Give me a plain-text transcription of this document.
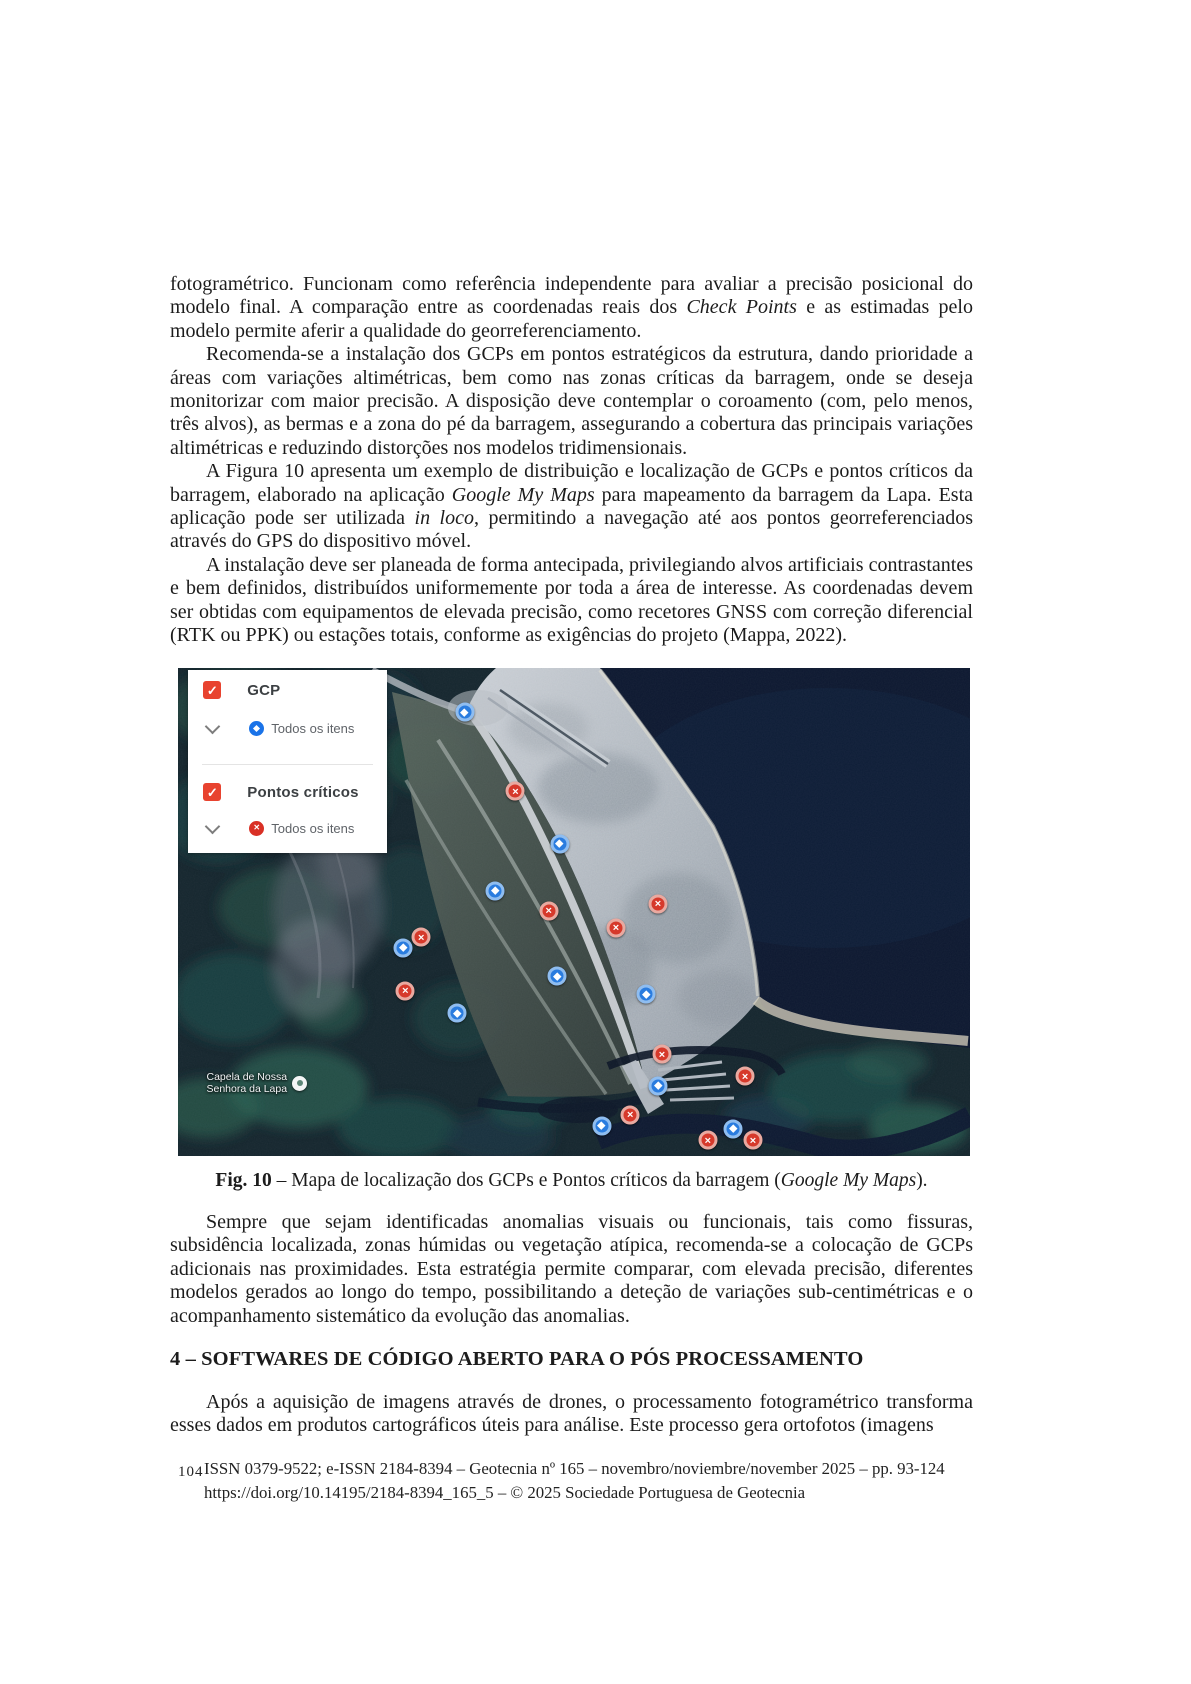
fotogramétrico. Funcionam como referência independente para avaliar a precisão posicional do modelo final. A comparação entre as coordenadas reais dos Check Points e as estimadas pelo modelo permite aferir a qualidade do georreferenciamento.

Recomenda-se a instalação dos GCPs em pontos estratégicos da estrutura, dando prioridade a áreas com variações altimétricas, bem como nas zonas críticas da barragem, onde se deseja monitorizar com maior precisão. A disposição deve contemplar o coroamento (com, pelo menos, três alvos), as bermas e a zona do pé da barragem, assegurando a cobertura das principais variações altimétricas e reduzindo distorções nos modelos tridimensionais.

A Figura 10 apresenta um exemplo de distribuição e localização de GCPs e pontos críticos da barragem, elaborado na aplicação Google My Maps para mapeamento da barragem da Lapa. Esta aplicação pode ser utilizada in loco, permitindo a navegação até aos pontos georreferenciados através do GPS do dispositivo móvel.

A instalação deve ser planeada de forma antecipada, privilegiando alvos artificiais contrastantes e bem definidos, distribuídos uniformemente por toda a área de interesse. As coordenadas devem ser obtidas com equipamentos de elevada precisão, como recetores GNSS com correção diferencial (RTK ou PPK) ou estações totais, conforme as exigências do projeto (Mappa, 2022).

✕
✕
✕
✕
✕
✕
✕
✕
✕
✕
✕
Capela de Nossa
Senhora da Lapa
✓
GCP
Todos os itens
✓
Pontos críticos
✕
Todos os itens

Fig. 10 – Mapa de localização dos GCPs e Pontos críticos da barragem (Google My Maps).

Sempre que sejam identificadas anomalias visuais ou funcionais, tais como fissuras, subsidência localizada, zonas húmidas ou vegetação atípica, recomenda-se a colocação de GCPs adicionais nas proximidades. Esta estratégia permite comparar, com elevada precisão, diferentes modelos gerados ao longo do tempo, possibilitando a deteção de variações sub-centimétricas e o acompanhamento sistemático da evolução das anomalias.

4 – SOFTWARES DE CÓDIGO ABERTO PARA O PÓS PROCESSAMENTO

Após a aquisição de imagens através de drones, o processamento fotogramétrico transforma esses dados em produtos cartográficos úteis para análise. Este processo gera ortofotos (imagens

104 ISSN 0379-9522; e-ISSN 2184-8394 – Geotecnia nº 165 – novembro/noviembre/november 2025 – pp. 93-124

https://doi.org/10.14195/2184-8394_165_5 – © 2025 Sociedade Portuguesa de Geotecnia
